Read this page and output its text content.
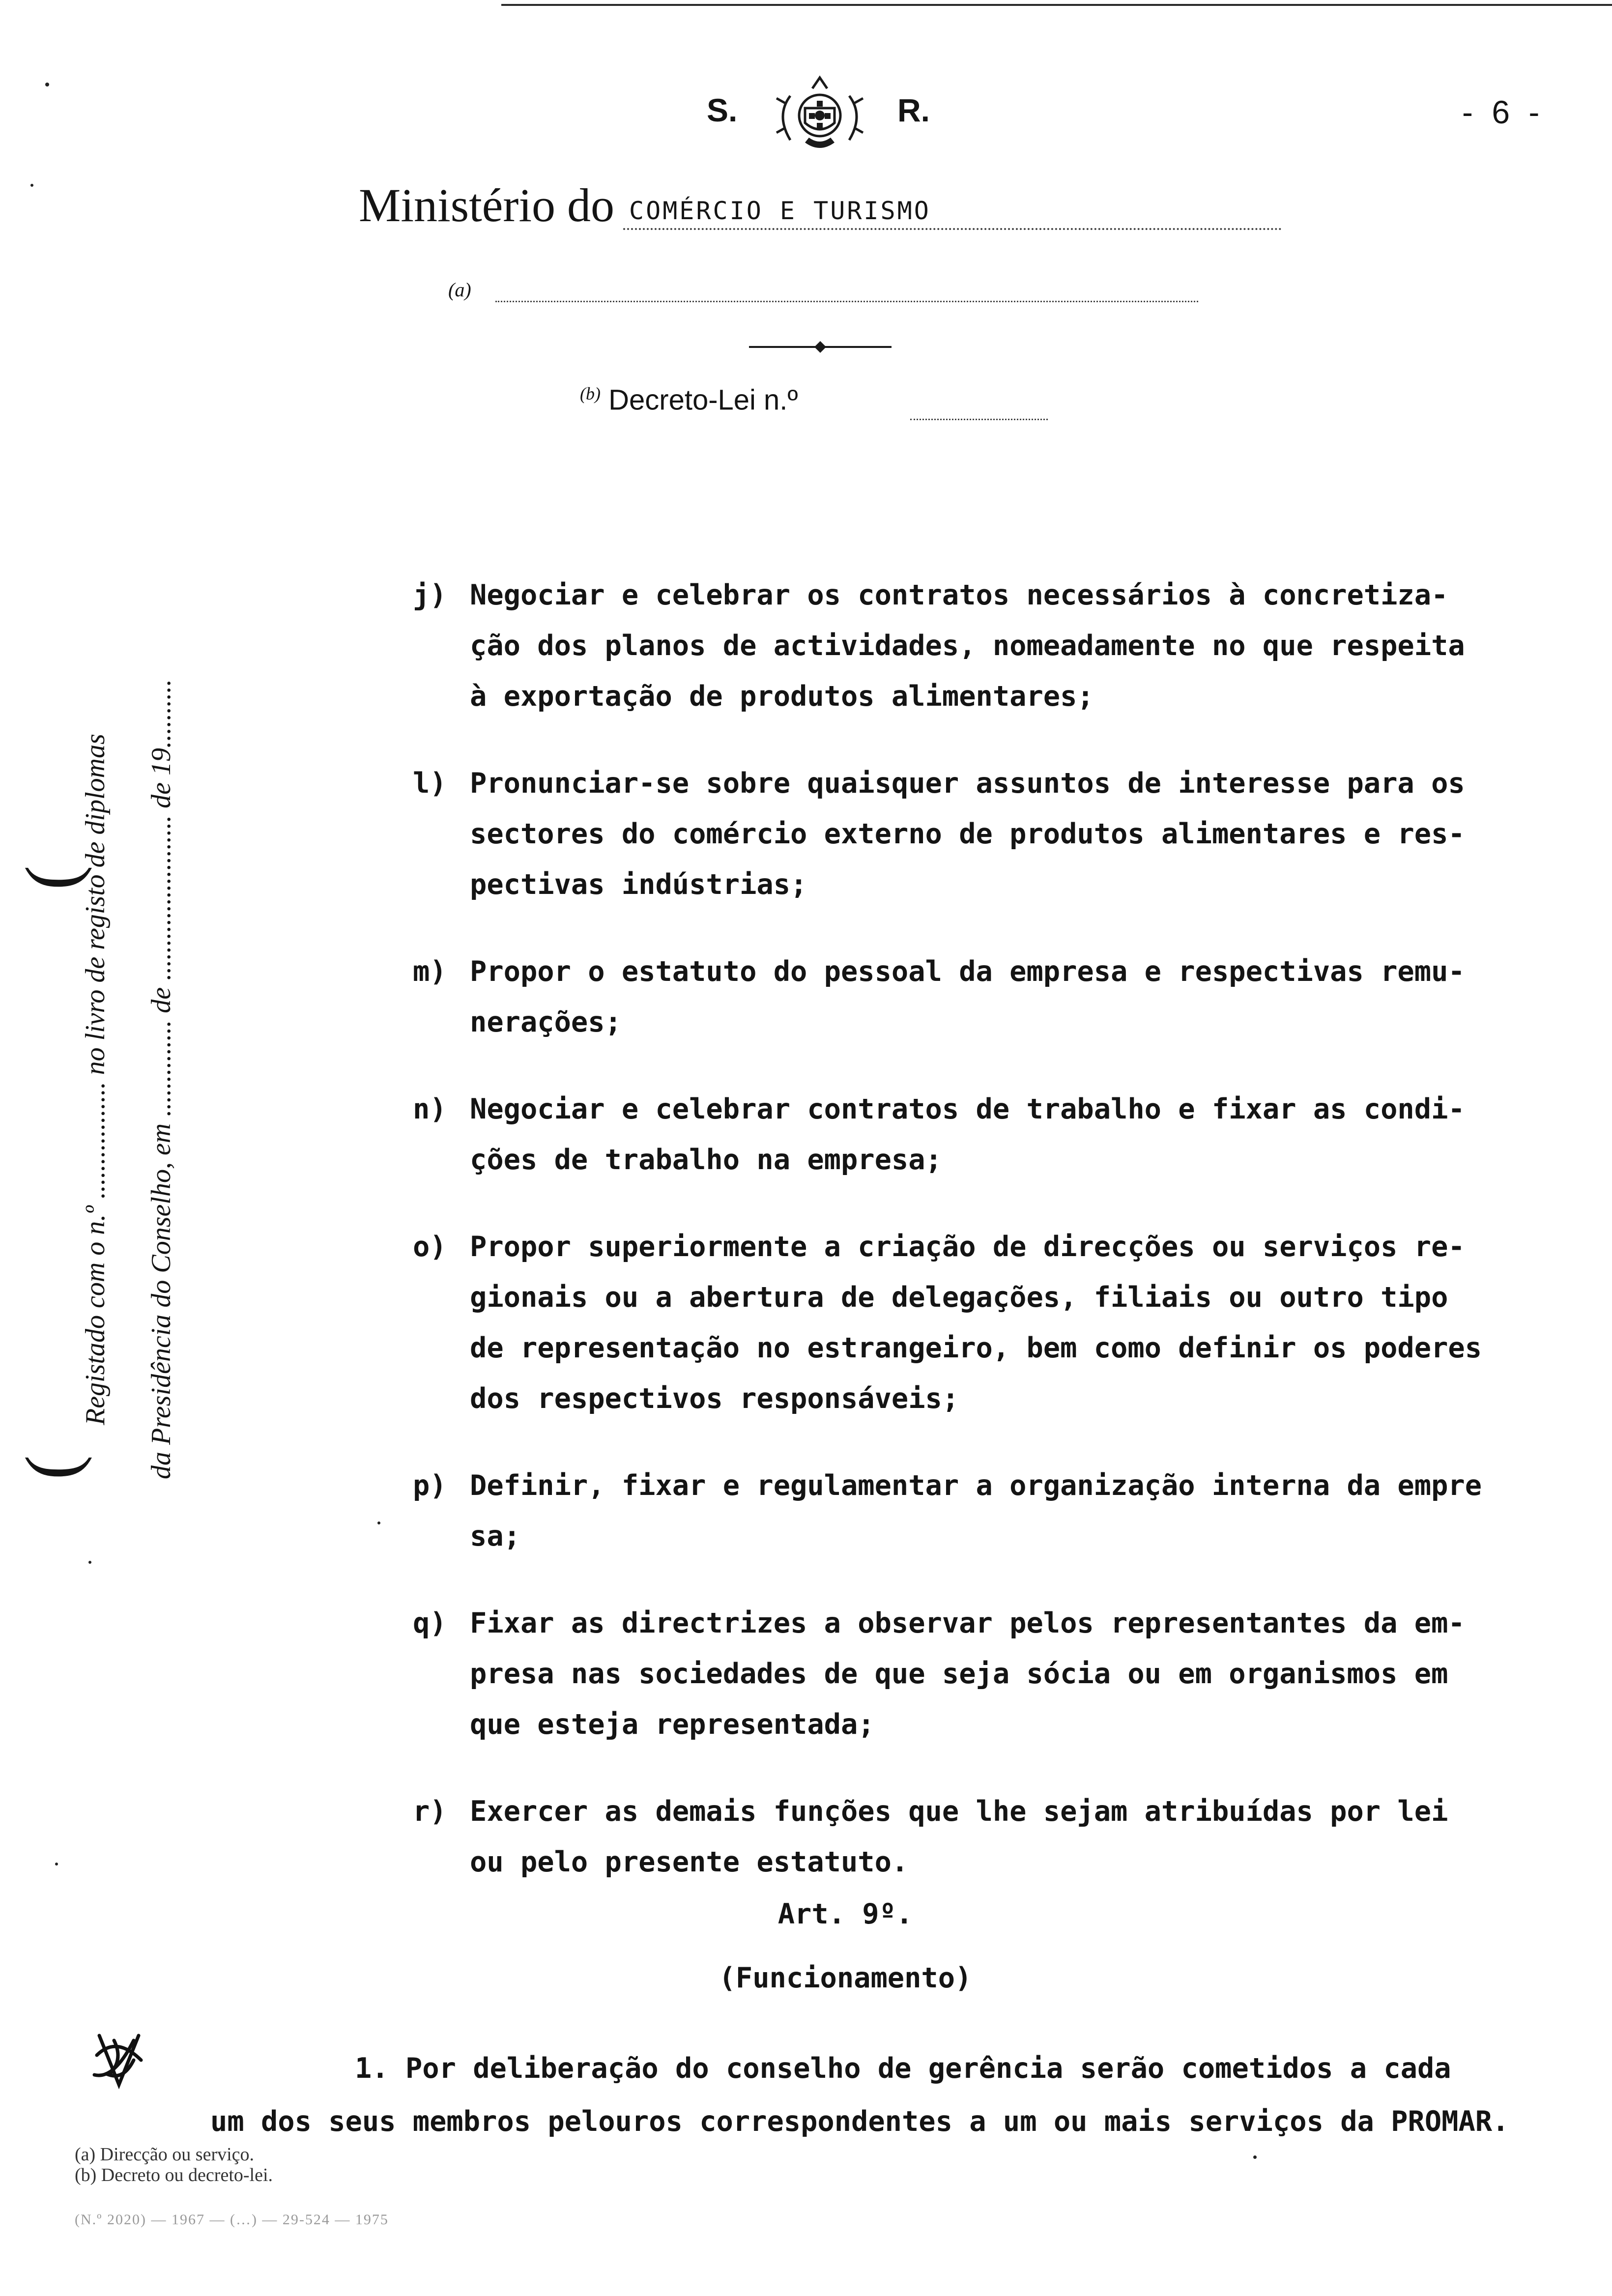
S.	R.	- 6 -
Ministério do COMÉRCIO E TURISMO
(a)
$^{(b)}$ Decreto-Lei n.º
(
(
Registado com o n.º ................. no livro de registo de diplomas da Presidência do Conselho, em .............. de ........................ de 19..........
j) Negociar e celebrar os contratos necessários à concretiza-
ção dos planos de actividades, nomeadamente no que respeita
à exportação de produtos alimentares;
l) Pronunciar-se sobre quaisquer assuntos de interesse para os
sectores do comércio externo de produtos alimentares e res-
pectivas indústrias;
m) Propor o estatuto do pessoal da empresa e respectivas remu-
nerações;
n) Negociar e celebrar contratos de trabalho e fixar as condi-
ções de trabalho na empresa;
o) Propor superiormente a criação de direcções ou serviços re-
gionais ou a abertura de delegações, filiais ou outro tipo
de representação no estrangeiro, bem como definir os poderes
dos respectivos responsáveis;
p) Definir, fixar e regulamentar a organização interna da empre
sa;
q) Fixar as directrizes a observar pelos representantes da em-
presa nas sociedades de que seja sócia ou em organismos em
que esteja representada;
r) Exercer as demais funções que lhe sejam atribuídas por lei
ou pelo presente estatuto.
Art. 9º.
(Funcionamento)
1. Por deliberação do conselho de gerência serão cometidos a cada
um dos seus membros pelouros correspondentes a um ou mais serviços da PROMAR.
(a) Direcção ou serviço.
(b) Decreto ou decreto-lei.
(N.º 2020) — 1967 — (…) — 29-524 — 1975
